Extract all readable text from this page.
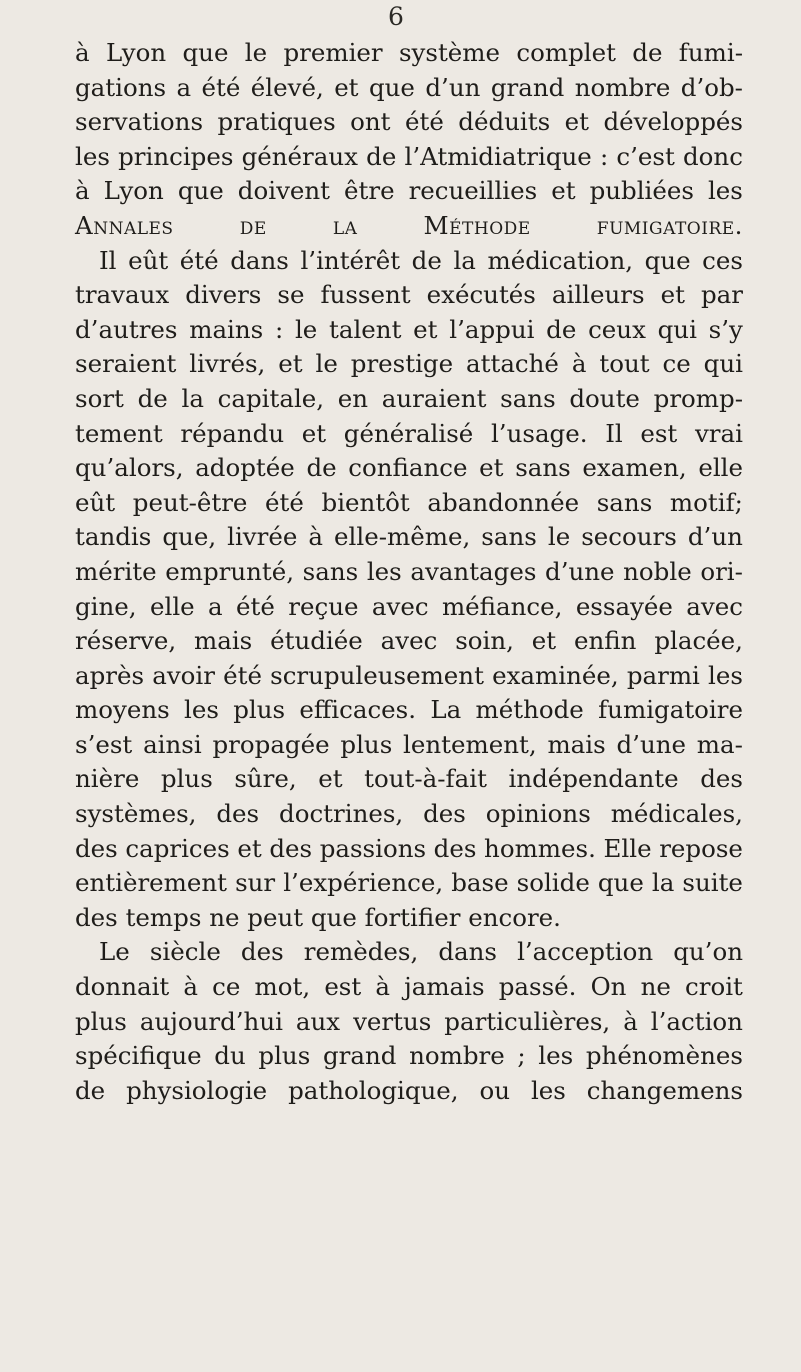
6
à Lyon que le premier système complet de fumi-
gations a été élevé, et que d’un grand nombre d’ob-
servations pratiques ont été déduits et développés
les principes généraux de l’Atmidiatrique : c’est donc
à Lyon que doivent être recueillies et publiées les
Annales	de	la	Méthode	fumigatoire.
Il eût été dans l’intérêt de la médication, que ces
travaux divers se fussent exécutés ailleurs et par
d’autres mains : le talent et l’appui de ceux qui s’y
seraient livrés, et le prestige attaché à tout ce qui
sort de la capitale, en auraient sans doute promp-
tement répandu et généralisé l’usage. Il est vrai
qu’alors, adoptée de confiance et sans examen, elle
eût peut-être été bientôt abandonnée sans motif;
tandis que, livrée à elle-même, sans le secours d’un
mérite emprunté, sans les avantages d’une noble ori-
gine, elle a été reçue avec méfiance, essayée avec
réserve, mais étudiée avec soin, et enfin placée,
après avoir été scrupuleusement examinée, parmi les
moyens les plus efficaces. La méthode fumigatoire
s’est ainsi propagée plus lentement, mais d’une ma-
nière plus sûre, et tout-à-fait indépendante des
systèmes, des doctrines, des opinions médicales,
des caprices et des passions des hommes. Elle repose
entièrement sur l’expérience, base solide que la suite
des
temps
ne
peut
que
fortifier
encore.
Le siècle des remèdes, dans l’acception qu’on
donnait à ce mot, est à jamais passé. On ne croit
plus aujourd’hui aux vertus particulières, à l’action
spécifique du plus grand nombre ; les phénomènes
de physiologie pathologique, ou les changemens
